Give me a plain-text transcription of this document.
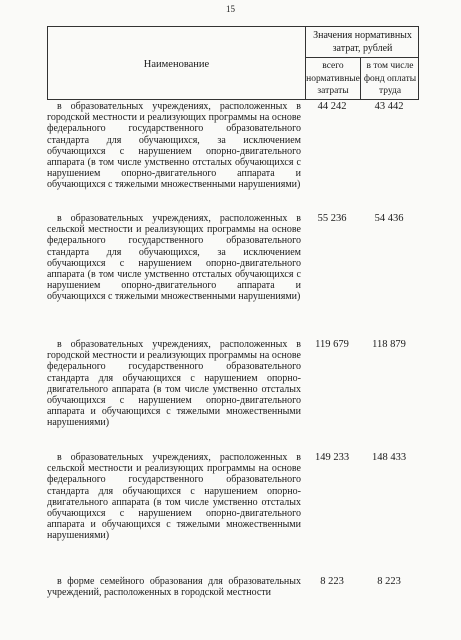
15
Наименование
Значения нормативных затрат, рублей
всего нормативные затраты
в том числе фонд оплаты труда
в образовательных учреждениях, расположенных в городской местности и реализующих программы на основе федерального государственного образовательного стандарта для обучающихся, за исключением обучающихся с нарушением опорно-двигательного аппарата (в том числе умственно отсталых обучающихся с нарушением опорно-двигательного аппарата и обучающихся с тяжелыми множественными нарушениями)
44 242	43 442
в образовательных учреждениях, расположенных в сельской местности и реализующих программы на основе федерального государственного образовательного стандарта для обучающихся, за исключением обучающихся с нарушением опорно-двигательного аппарата (в том числе умственно отсталых обучающихся с нарушением опорно-двигательного аппарата и обучающихся с тяжелыми множественными нарушениями)
55 236	54 436
в образовательных учреждениях, расположенных в городской местности и реализующих программы на основе федерального государственного образовательного стандарта для обучающихся с нарушением опорно-двигательного аппарата (в том числе умственно отсталых обучающихся с нарушением опорно-двигательного аппарата и обучающихся с тяжелыми множественными нарушениями)
119 679	118 879
в образовательных учреждениях, расположенных в сельской местности и реализующих программы на основе федерального государственного образовательного стандарта для обучающихся с нарушением опорно-двигательного аппарата (в том числе умственно отсталых обучающихся с нарушением опорно-двигательного аппарата и обучающихся с тяжелыми множественными нарушениями)
149 233	148 433
в форме семейного образования для образовательных учреждений, расположенных в городской местности
8 223	8 223
